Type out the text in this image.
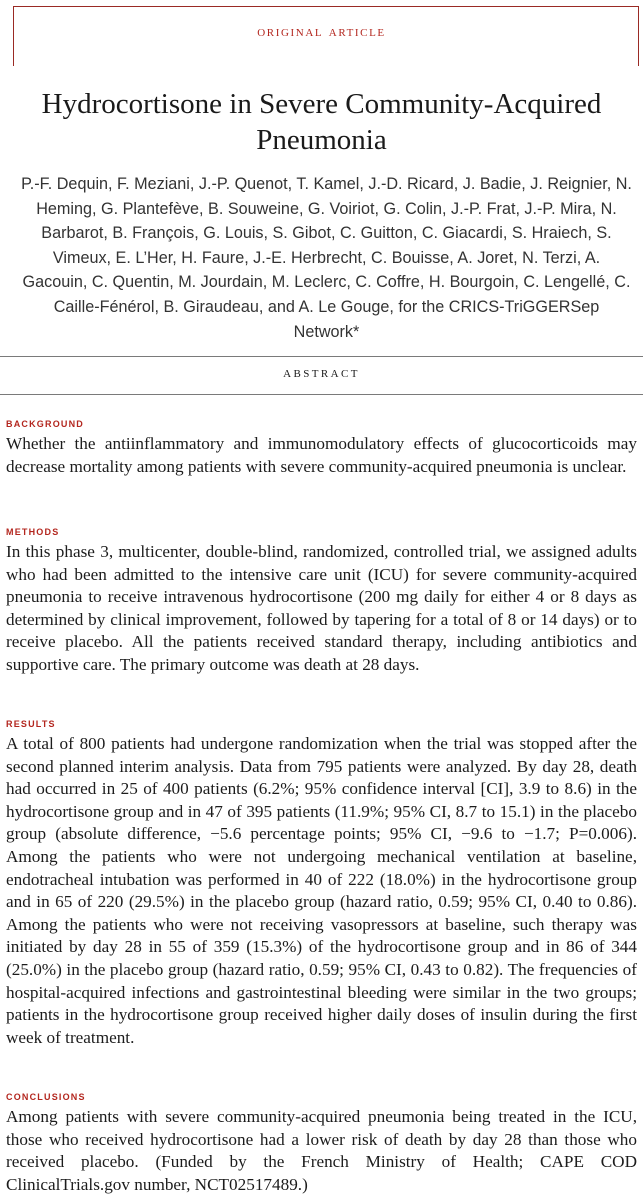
original article
Hydrocortisone in Severe Community-Acquired Pneumonia

P.-F. Dequin, F. Meziani, J.-P. Quenot, T. Kamel, J.-D. Ricard, J. Badie, J. Reignier, N. Heming, G. Plantefève, B. Souweine, G. Voiriot, G. Colin, J.-P. Frat, J.-P. Mira, N. Barbarot, B. François, G. Louis, S. Gibot, C. Guitton, C. Giacardi, S. Hraiech, S. Vimeux, E. L’Her, H. Faure, J.-E. Herbrecht, C. Bouisse, A. Joret, N. Terzi, A. Gacouin, C. Quentin, M. Jourdain, M. Leclerc, C. Coffre, H. Bourgoin, C. Lengellé, C. Caille-Fénérol, B. Giraudeau, and A. Le Gouge, for the CRICS-TriGGERSep Network*

abstract
background

Whether the antiinflammatory and immunomodulatory effects of glucocorticoids may decrease mortality among patients with severe community-acquired pneumonia is unclear.

methods

In this phase 3, multicenter, double-blind, randomized, controlled trial, we assigned adults who had been admitted to the intensive care unit (ICU) for severe community-acquired pneumonia to receive intravenous hydrocortisone (200 mg daily for either 4 or 8 days as determined by clinical improvement, followed by tapering for a total of 8 or 14 days) or to receive placebo. All the patients received standard therapy, including antibiotics and supportive care. The primary outcome was death at 28 days.

results

A total of 800 patients had undergone randomization when the trial was stopped after the second planned interim analysis. Data from 795 patients were analyzed. By day 28, death had occurred in 25 of 400 patients (6.2%; 95% confidence interval [CI], 3.9 to 8.6) in the hydrocortisone group and in 47 of 395 patients (11.9%; 95% CI, 8.7 to 15.1) in the placebo group (absolute difference, −5.6 percentage points; 95% CI, −9.6 to −1.7; P=0.006). Among the patients who were not undergoing mechanical ventilation at baseline, endotracheal intubation was performed in 40 of 222 (18.0%) in the hydrocortisone group and in 65 of 220 (29.5%) in the placebo group (hazard ratio, 0.59; 95% CI, 0.40 to 0.86). Among the patients who were not receiving vasopressors at baseline, such therapy was initiated by day 28 in 55 of 359 (15.3%) of the hydrocortisone group and in 86 of 344 (25.0%) in the placebo group (hazard ratio, 0.59; 95% CI, 0.43 to 0.82). The frequencies of hospital-acquired infections and gastrointestinal bleeding were similar in the two groups; patients in the hydrocortisone group received higher daily doses of insulin during the first week of treatment.

conclusions

Among patients with severe community-acquired pneumonia being treated in the ICU, those who received hydrocortisone had a lower risk of death by day 28 than those who received placebo. (Funded by the French Ministry of Health; CAPE COD ClinicalTrials.gov number, NCT02517489.)
